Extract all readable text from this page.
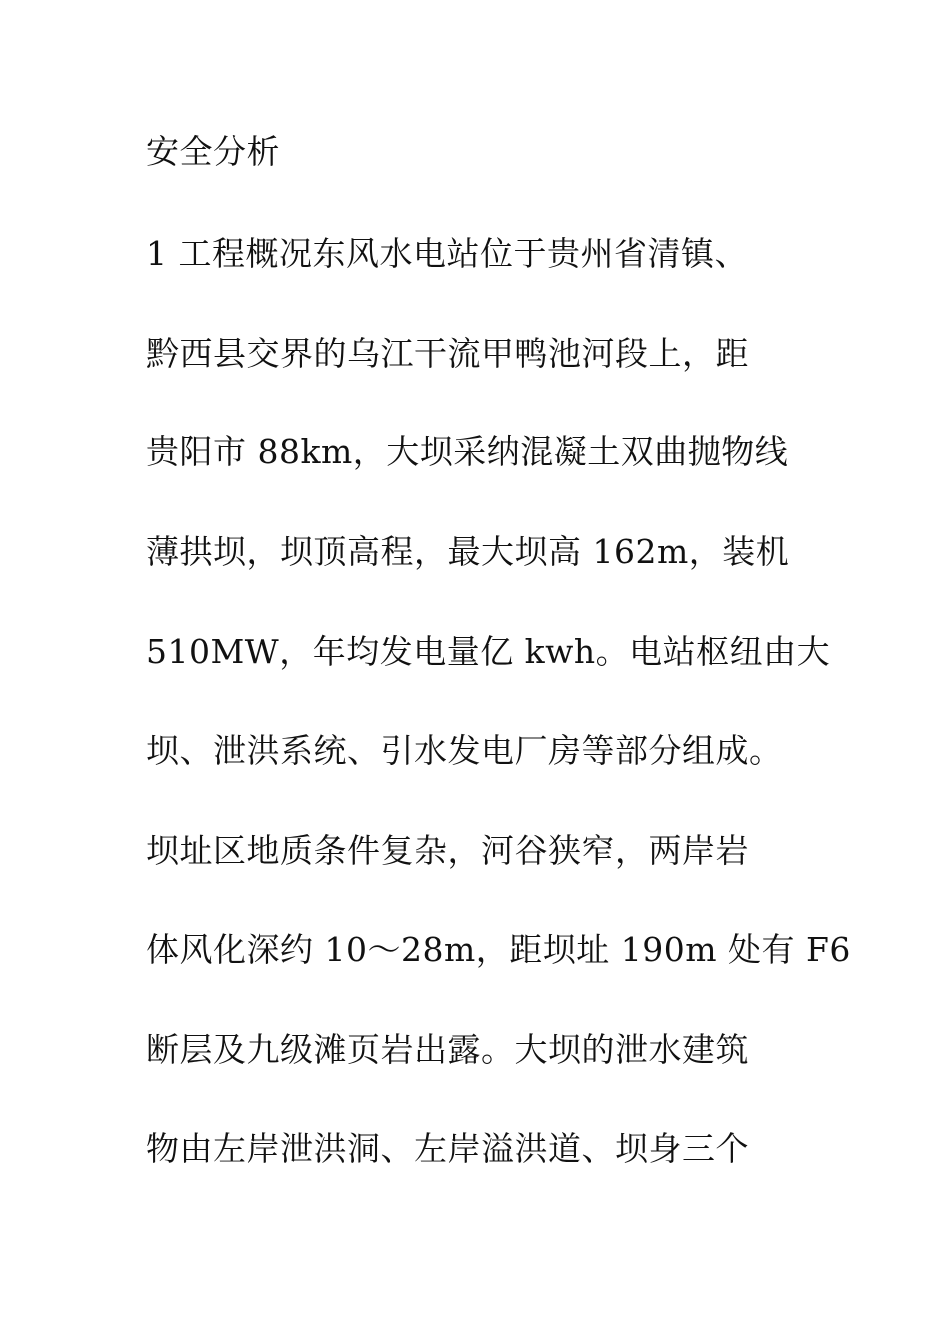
安全分析

1 工程概况东风水电站位于贵州省清镇、

黔西县交界的乌江干流甲鸭池河段上，距

贵阳市 88km，大坝采纳混凝土双曲抛物线

薄拱坝，坝顶高程，最大坝高 162m，装机

510MW，年均发电量亿 kwh。电站枢纽由大

坝、泄洪系统、引水发电厂房等部分组成。

坝址区地质条件复杂，河谷狭窄，两岸岩

体风化深约 10～28m，距坝址 190m 处有 F6

断层及九级滩页岩出露。大坝的泄水建筑

物由左岸泄洪洞、左岸溢洪道、坝身三个
